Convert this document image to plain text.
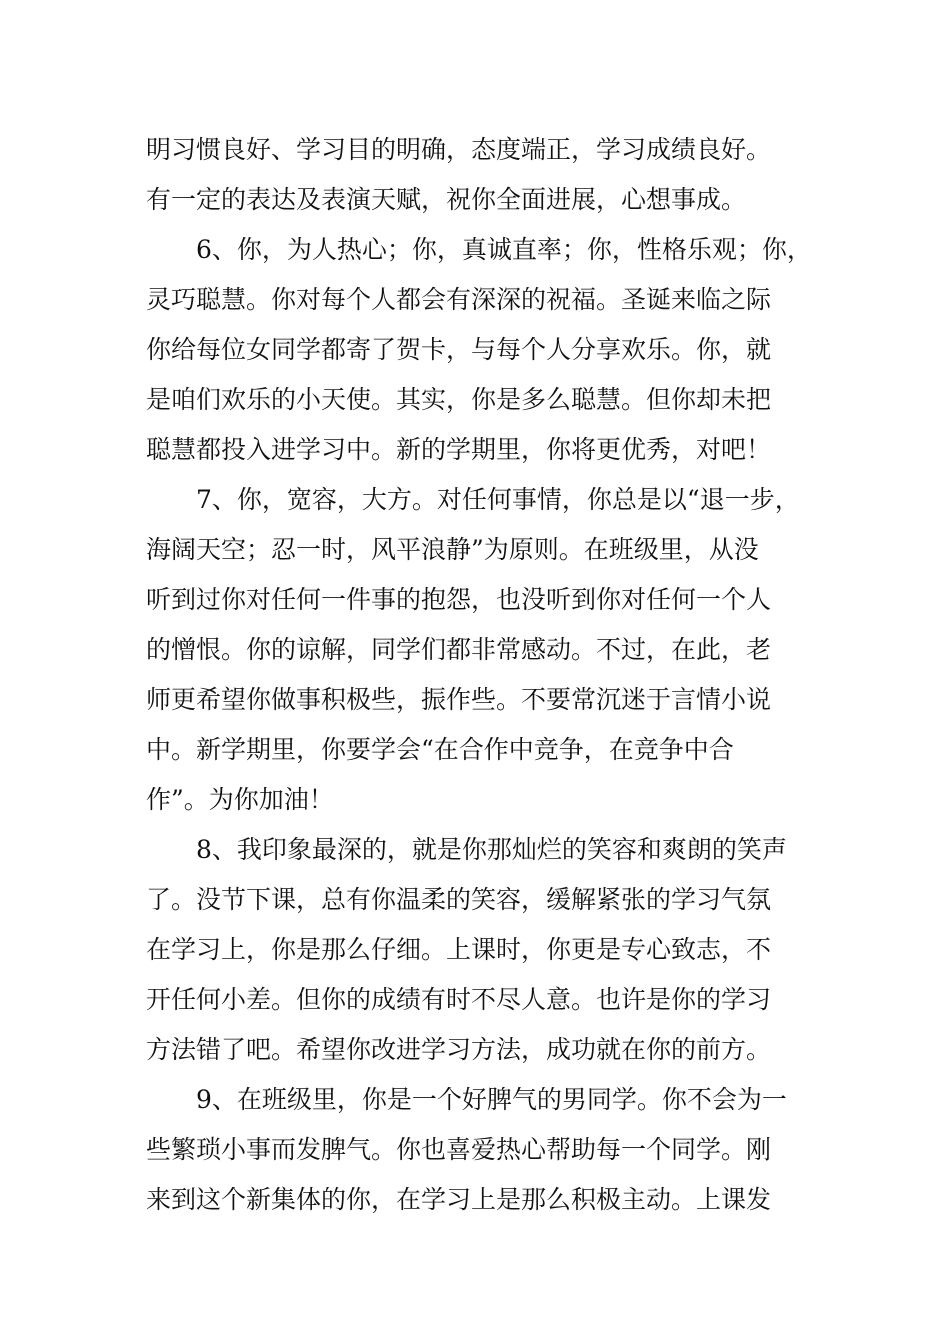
明习惯良好、学习目的明确，态度端正，学习成绩良好。
有一定的表达及表演天赋，祝你全面进展，心想事成。
6、你，为人热心；你，真诚直率；你，性格乐观；你，
灵巧聪慧。你对每个人都会有深深的祝福。圣诞来临之际
你给每位女同学都寄了贺卡，与每个人分享欢乐。你，就
是咱们欢乐的小天使。其实，你是多么聪慧。但你却未把
聪慧都投入进学习中。新的学期里，你将更优秀，对吧！
7、你，宽容，大方。对任何事情，你总是以“退一步，
海阔天空；忍一时，风平浪静”为原则。在班级里，从没
听到过你对任何一件事的抱怨，也没听到你对任何一个人
的憎恨。你的谅解，同学们都非常感动。不过，在此，老
师更希望你做事积极些，振作些。不要常沉迷于言情小说
中。新学期里，你要学会“在合作中竞争，在竞争中合
作”。为你加油！
8、我印象最深的，就是你那灿烂的笑容和爽朗的笑声
了。没节下课，总有你温柔的笑容，缓解紧张的学习气氛
在学习上，你是那么仔细。上课时，你更是专心致志，不
开任何小差。但你的成绩有时不尽人意。也许是你的学习
方法错了吧。希望你改进学习方法，成功就在你的前方。
9、在班级里，你是一个好脾气的男同学。你不会为一
些繁琐小事而发脾气。你也喜爱热心帮助每一个同学。刚
来到这个新集体的你，在学习上是那么积极主动。上课发
